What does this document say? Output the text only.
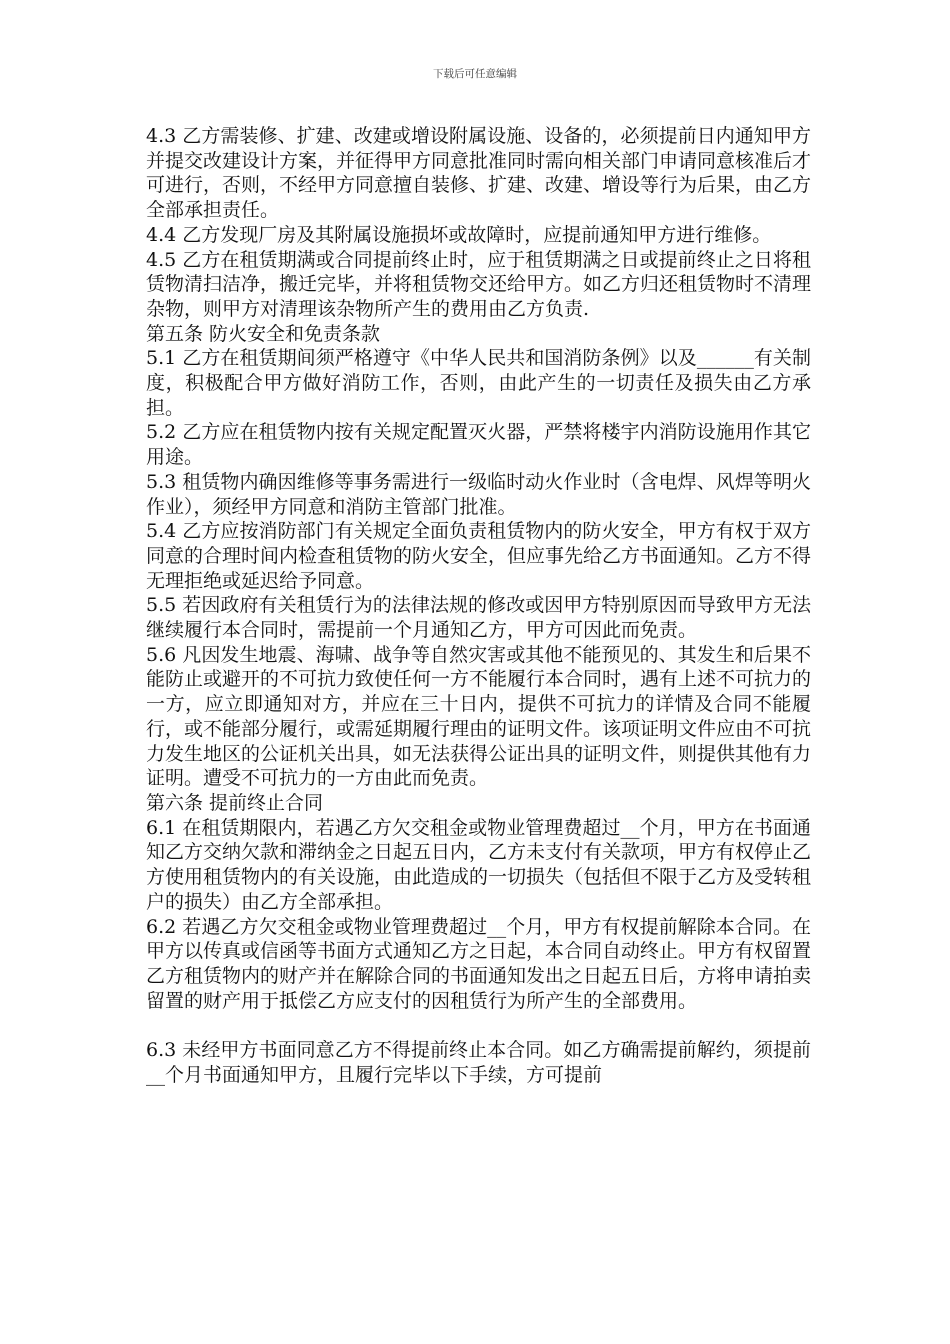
下载后可任意编辑

4.3 乙方需装修、扩建、改建或增设附属设施、设备的，必须提前日内通知甲方并提交改建设计方案，并征得甲方同意批准同时需向相关部门申请同意核准后才可进行，否则，不经甲方同意擅自装修、扩建、改建、增设等行为后果，由乙方全部承担责任。

4.4 乙方发现厂房及其附属设施损坏或故障时，应提前通知甲方进行维修。

4.5 乙方在租赁期满或合同提前终止时，应于租赁期满之日或提前终止之日将租赁物清扫洁净，搬迁完毕，并将租赁物交还给甲方。如乙方归还租赁物时不清理杂物，则甲方对清理该杂物所产生的费用由乙方负责.

第五条 防火安全和免责条款

5.1 乙方在租赁期间须严格遵守《中华人民共和国消防条例》以及______有关制度，积极配合甲方做好消防工作，否则，由此产生的一切责任及损失由乙方承担。

5.2 乙方应在租赁物内按有关规定配置灭火器，严禁将楼宇内消防设施用作其它用途。

5.3 租赁物内确因维修等事务需进行一级临时动火作业时（含电焊、风焊等明火作业），须经甲方同意和消防主管部门批准。

5.4 乙方应按消防部门有关规定全面负责租赁物内的防火安全，甲方有权于双方同意的合理时间内检查租赁物的防火安全，但应事先给乙方书面通知。乙方不得无理拒绝或延迟给予同意。

5.5 若因政府有关租赁行为的法律法规的修改或因甲方特别原因而导致甲方无法继续履行本合同时，需提前一个月通知乙方，甲方可因此而免责。

5.6 凡因发生地震、海啸、战争等自然灾害或其他不能预见的、其发生和后果不能防止或避开的不可抗力致使任何一方不能履行本合同时，遇有上述不可抗力的一方，应立即通知对方，并应在三十日内，提供不可抗力的详情及合同不能履行，或不能部分履行，或需延期履行理由的证明文件。该项证明文件应由不可抗力发生地区的公证机关出具，如无法获得公证出具的证明文件，则提供其他有力证明。遭受不可抗力的一方由此而免责。

第六条 提前终止合同

6.1 在租赁期限内，若遇乙方欠交租金或物业管理费超过__个月，甲方在书面通知乙方交纳欠款和滞纳金之日起五日内，乙方未支付有关款项，甲方有权停止乙方使用租赁物内的有关设施，由此造成的一切损失（包括但不限于乙方及受转租户的损失）由乙方全部承担。

6.2 若遇乙方欠交租金或物业管理费超过__个月，甲方有权提前解除本合同。在甲方以传真或信函等书面方式通知乙方之日起，本合同自动终止。甲方有权留置乙方租赁物内的财产并在解除合同的书面通知发出之日起五日后，方将申请拍卖留置的财产用于抵偿乙方应支付的因租赁行为所产生的全部费用。

6.3 未经甲方书面同意乙方不得提前终止本合同。如乙方确需提前解约，须提前__个月书面通知甲方，且履行完毕以下手续，方可提前
